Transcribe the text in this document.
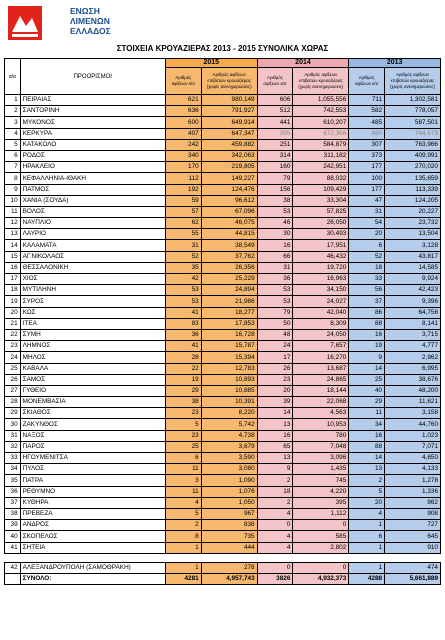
ΕΝΩΣΗ
ΛΙΜΕΝΩΝ
ΕΛΛΑΔΟΣ
ΣΤΟΙΧΕΙΑ ΚΡΟΥΑΖΙΕΡΑΣ 2013 - 2015 ΣΥΝΟΛΙΚΑ ΧΩΡΑΣ
α/α	ΠΡΟΟΡΙΣΜΟΙ	2015		2014		2013	
		Αριθμός αφίξεων κ/σ	Αριθμός αφίξεων επιβατών κρουαζιέρας (χωρίς ανενημερώσεις)	Αριθμός αφίξεων κ/σ	Αριθμός αφίξεων επιβατών κρουαζιέρας (χωρίς ανενημερώσεις)	Αριθμός αφίξεων κ/σ	Αριθμός αφίξεων επιβατών κρουαζιέρας (χωρίς ανενημερώσεις)
1	ΠΕΙΡΑΙΑΣ	621	980,149	606	1,055,556	711	1,302,581
2	ΣΑΝΤΟΡΙΝΗ	636	791,927	512	742,553	582	778,057
3	ΜΥΚΟΝΟΣ	600	649,914	441	610,207	485	587,501
4	ΚΕΡΚΥΡΑ	407	647,347	395	672,368	480	744,673
5	ΚΑΤΑΚΟΛΟ	242	459,882	251	584,879	307	763,966
6	ΡΟΔΟΣ	340	342,063	314	311,182	373	409,991
7	ΗΡΑΚΛΕΙΟ	170	219,805	160	242,951	177	270,020
8	ΚΕΦΑΛΛΗΝΙΑ-ΙΘΑΚΗ	112	149,227	79	88,032	100	135,659
9	ΠΑΤΜΟΣ	192	124,476	156	109,429	177	113,339
10	ΧΑΝΙΑ (ΣΟΥΔΑ)	59	96,612	38	33,304	47	124,205
11	ΒΟΛΟΣ	57	67,096	53	57,825	31	20,227
12	ΝΑΥΠΛΙΟ	62	46,075	46	26,050	54	23,732
13	ΛΑΥΡΙΟ	55	44,815	30	30,493	20	13,504
14	ΚΑΛΑΜΑΤΑ	31	38,549	16	17,951	6	3,128
15	ΑΓ.ΝΙΚΟΛΑΟΣ	52	37,762	66	46,432	52	43,817
16	ΘΕΣΣΑΛΟΝΙΚΗ	35	26,356	31	19,720	18	14,585
17	ΧΙΟΣ	42	25,229	36	16,963	33	9,924
18	ΜΥΤΙΛΗΝΗ	53	24,894	53	34,150	56	42,423
19	ΣΥΡΟΣ	53	21,986	53	24,027	37	9,396
20	ΚΩΣ	41	18,277	79	42,040	86	64,756
21	ΙΤΕΑ	83	17,853	50	8,309	88	8,141
22	ΣΥΜΗ	36	16,728	48	24,050	16	3,715
23	ΛΗΜΝΟΣ	41	15,787	24	7,657	19	4,777
24	ΜΗΛΟΣ	28	15,394	17	16,270	9	2,962
25	ΚΑΒΑΛΑ	22	12,783	26	13,687	14	6,995
26	ΣΑΜΟΣ	19	10,893	23	24,865	25	38,676
27	ΓΥΘΕΙΟ	29	10,885	20	18,144	40	48,200
28	ΜΟΝΕΜΒΑΣΙΑ	38	10,391	39	22,068	29	11,621
29	ΣΚΙΑΘΟΣ	23	8,220	14	4,563	11	3,158
30	ΖΑΚΥΝΘΟΣ	5	5,742	13	10,953	34	44,760
31	ΝΑΞΟΣ	23	4,738	16	780	16	1,023
32	ΠΑΡΟΣ	25	3,679	65	7,048	88	7,071
33	ΗΓΟΥΜΕΝΙΤΣΑ	6	3,590	13	3,096	14	4,650
34	ΠΥΛΟΣ	11	3,080	9	1,435	13	4,133
35	ΠΑΤΡΑ	3	1,090	2	745	2	1,278
36	ΡΕΘΥΜΝΟ	11	1,076	18	4,220	5	1,336
37	ΚΥΘΗΡΑ	4	1,050	2	395	20	862
38	ΠΡΕΒΕΖΑ	5	967	4	1,112	4	908
39	ΑΝΔΡΟΣ	2	838	0	0	1	727
40	ΣΚΟΠΕΛΟΣ	8	735	4	585	6	645
41	ΣΗΤΕΙΑ	1	444	4	2,802	1	910

42	ΑΛΕΞΑΝΔΡΟΥΠΟΛΗ (ΣΑΜΟΘΡΑΚΗ)	1	278	0	0	1	474
	ΣΥΝΟΛΟ:	4281	4,957,743	3826	4,932,373	4288	5,661,889
